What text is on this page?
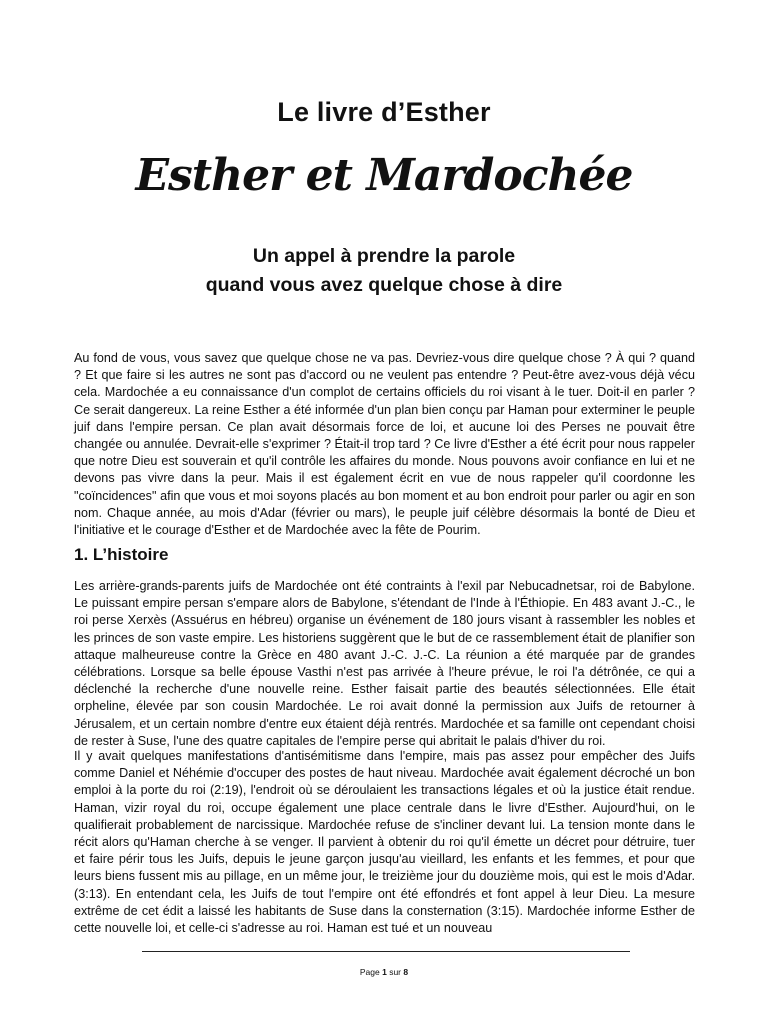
Le livre d’Esther
Esther et Mardochée
Un appel à prendre la parole
quand vous avez quelque chose à dire

Au fond de vous, vous savez que quelque chose ne va pas. Devriez-vous dire quelque chose ? À qui ? quand ? Et que faire si les autres ne sont pas d'accord ou ne veulent pas entendre ? Peut-être avez-vous déjà vécu cela. Mardochée a eu connaissance d'un complot de certains officiels du roi visant à le tuer. Doit-il en parler ? Ce serait dangereux. La reine Esther a été informée d'un plan bien conçu par Haman pour exterminer le peuple juif dans l'empire persan. Ce plan avait désormais force de loi, et aucune loi des Perses ne pouvait être changée ou annulée. Devrait-elle s'exprimer ? Était-il trop tard ? Ce livre d'Esther a été écrit pour nous rappeler que notre Dieu est souverain et qu'il contrôle les affaires du monde. Nous pouvons avoir confiance en lui et ne devons pas vivre dans la peur. Mais il est également écrit en vue de nous rappeler qu'il coordonne les "coïncidences" afin que vous et moi soyons placés au bon moment et au bon endroit pour parler ou agir en son nom. Chaque année, au mois d'Adar (février ou mars), le peuple juif célèbre désormais la bonté de Dieu et l'initiative et le courage d'Esther et de Mardochée avec la fête de Pourim.

1. L’histoire

Les arrière-grands-parents juifs de Mardochée ont été contraints à l'exil par Nebucadnetsar, roi de Babylone. Le puissant empire persan s'empare alors de Babylone, s'étendant de l'Inde à l'Éthiopie. En 483 avant J.-C., le roi perse Xerxès (Assuérus en hébreu) organise un événement de 180 jours visant à rassembler les nobles et les princes de son vaste empire. Les historiens suggèrent que le but de ce rassemblement était de planifier son attaque malheureuse contre la Grèce en 480 avant J.-C. J.-C. La réunion a été marquée par de grandes célébrations. Lorsque sa belle épouse Vasthi n'est pas arrivée à l'heure prévue, le roi l'a détrônée, ce qui a déclenché la recherche d'une nouvelle reine. Esther faisait partie des beautés sélectionnées. Elle était orpheline, élevée par son cousin Mardochée. Le roi avait donné la permission aux Juifs de retourner à Jérusalem, et un certain nombre d'entre eux étaient déjà rentrés. Mardochée et sa famille ont cependant choisi de rester à Suse, l'une des quatre capitales de l'empire perse qui abritait le palais d'hiver du roi.

Il y avait quelques manifestations d'antisémitisme dans l'empire, mais pas assez pour empêcher des Juifs comme Daniel et Néhémie d'occuper des postes de haut niveau. Mardochée avait également décroché un bon emploi à la porte du roi (2:19), l'endroit où se déroulaient les transactions légales et où la justice était rendue. Haman, vizir royal du roi, occupe également une place centrale dans le livre d'Esther. Aujourd'hui, on le qualifierait probablement de narcissique. Mardochée refuse de s'incliner devant lui. La tension monte dans le récit alors qu'Haman cherche à se venger. Il parvient à obtenir du roi qu'il émette un décret pour détruire, tuer et faire périr tous les Juifs, depuis le jeune garçon jusqu'au vieillard, les enfants et les femmes, et pour que leurs biens fussent mis au pillage, en un même jour, le treizième jour du douzième mois, qui est le mois d'Adar. (3:13). En entendant cela, les Juifs de tout l'empire ont été effondrés et font appel à leur Dieu. La mesure extrême de cet édit a laissé les habitants de Suse dans la consternation (3:15). Mardochée informe Esther de cette nouvelle loi, et celle-ci s'adresse au roi. Haman est tué et un nouveau

Page 1 sur 8
